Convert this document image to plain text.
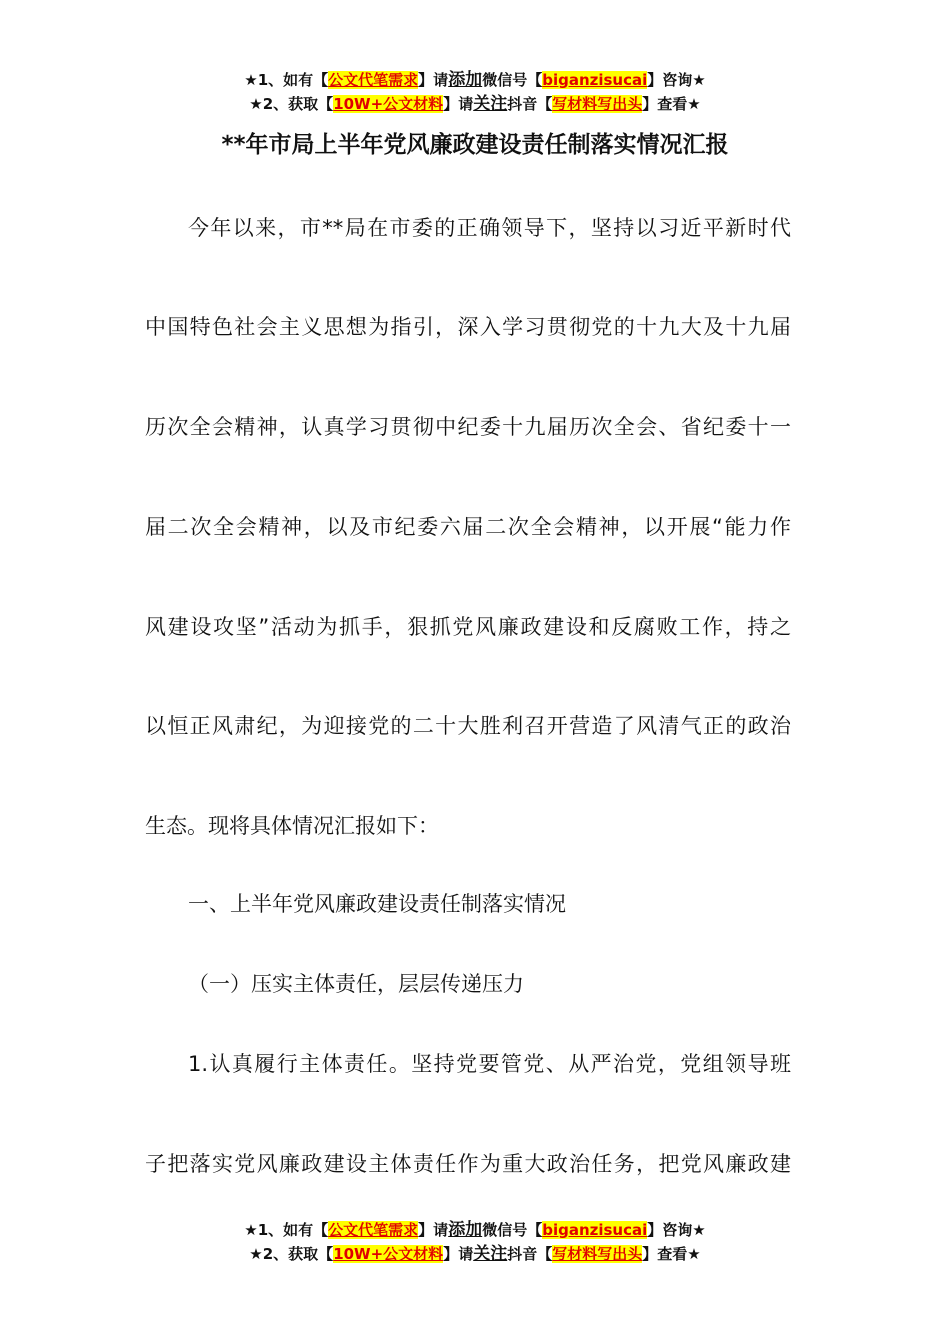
★1、如有【公文代笔需求】请添加微信号【biganzisucai】咨询★
★2、获取【10W+公文材料】请关注抖音【写材料写出头】查看★
**年市局上半年党风廉政建设责任制落实情况汇报
今年以来，市**局在市委的正确领导下，坚持以习近平新时代
中国特色社会主义思想为指引，深入学习贯彻党的十九大及十九届
历次全会精神，认真学习贯彻中纪委十九届历次全会、省纪委十一
届二次全会精神，以及市纪委六届二次全会精神，以开展“能力作
风建设攻坚”活动为抓手，狠抓党风廉政建设和反腐败工作，持之
以恒正风肃纪，为迎接党的二十大胜利召开营造了风清气正的政治
生态。现将具体情况汇报如下：
一、上半年党风廉政建设责任制落实情况
（一）压实主体责任，层层传递压力
1.认真履行主体责任。坚持党要管党、从严治党，党组领导班
子把落实党风廉政建设主体责任作为重大政治任务，把党风廉政建
★1、如有【公文代笔需求】请添加微信号【biganzisucai】咨询★
★2、获取【10W+公文材料】请关注抖音【写材料写出头】查看★
